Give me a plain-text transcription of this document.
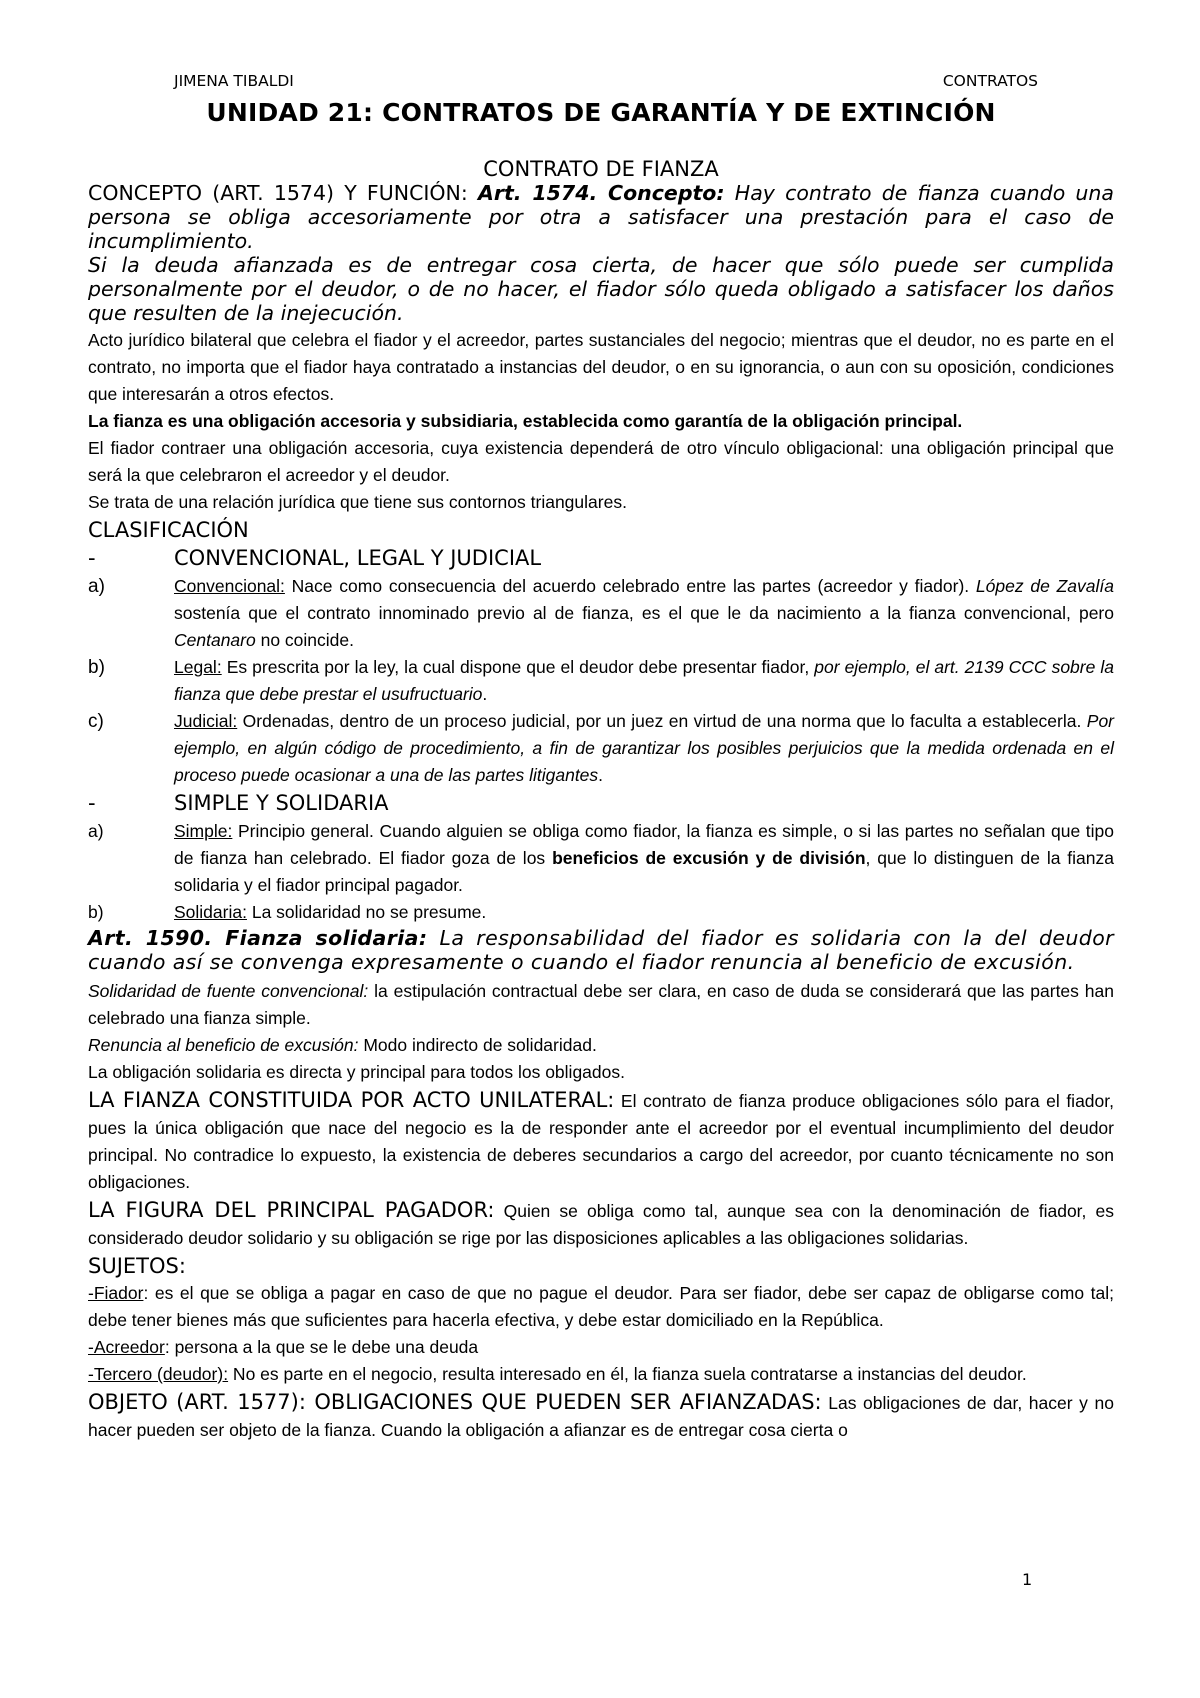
JIMENA TIBALDI	CONTRATOS
UNIDAD 21: CONTRATOS DE GARANTÍA Y DE EXTINCIÓN
CONTRATO DE FIANZA

CONCEPTO (ART. 1574) Y FUNCIÓN: Art. 1574. Concepto: Hay contrato de fianza cuando una persona se obliga accesoriamente por otra a satisfacer una prestación para el caso de incumplimiento.

Si la deuda afianzada es de entregar cosa cierta, de hacer que sólo puede ser cumplida personalmente por el deudor, o de no hacer, el fiador sólo queda obligado a satisfacer los daños que resulten de la inejecución.

Acto jurídico bilateral que celebra el fiador y el acreedor, partes sustanciales del negocio; mientras que el deudor, no es parte en el contrato, no importa que el fiador haya contratado a instancias del deudor, o en su ignorancia, o aun con su oposición, condiciones que interesarán a otros efectos.

La fianza es una obligación accesoria y subsidiaria, establecida como garantía de la obligación principal.

El fiador contraer una obligación accesoria, cuya existencia dependerá de otro vínculo obligacional: una obligación principal que será la que celebraron el acreedor y el deudor.

Se trata de una relación jurídica que tiene sus contornos triangulares.

CLASIFICACIÓN
-	CONVENCIONAL, LEGAL Y JUDICIAL
a)	Convencional: Nace como consecuencia del acuerdo celebrado entre las partes (acreedor y fiador). López de Zavalía sostenía que el contrato innominado previo al de fianza, es el que le da nacimiento a la fianza convencional, pero Centanaro no coincide.
b)	Legal: Es prescrita por la ley, la cual dispone que el deudor debe presentar fiador, por ejemplo, el art. 2139 CCC sobre la fianza que debe prestar el usufructuario.
c)	Judicial: Ordenadas, dentro de un proceso judicial, por un juez en virtud de una norma que lo faculta a establecerla. Por ejemplo, en algún código de procedimiento, a fin de garantizar los posibles perjuicios que la medida ordenada en el proceso puede ocasionar a una de las partes litigantes.
-	SIMPLE Y SOLIDARIA
a)	Simple: Principio general. Cuando alguien se obliga como fiador, la fianza es simple, o si las partes no señalan que tipo de fianza han celebrado. El fiador goza de los beneficios de excusión y de división, que lo distinguen de la fianza solidaria y el fiador principal pagador.
b)	Solidaria: La solidaridad no se presume.

Art. 1590. Fianza solidaria: La responsabilidad del fiador es solidaria con la del deudor cuando así se convenga expresamente o cuando el fiador renuncia al beneficio de excusión.

Solidaridad de fuente convencional: la estipulación contractual debe ser clara, en caso de duda se considerará que las partes han celebrado una fianza simple.

Renuncia al beneficio de excusión: Modo indirecto de solidaridad.

La obligación solidaria es directa y principal para todos los obligados.

LA FIANZA CONSTITUIDA POR ACTO UNILATERAL: El contrato de fianza produce obligaciones sólo para el fiador, pues la única obligación que nace del negocio es la de responder ante el acreedor por el eventual incumplimiento del deudor principal. No contradice lo expuesto, la existencia de deberes secundarios a cargo del acreedor, por cuanto técnicamente no son obligaciones.

LA FIGURA DEL PRINCIPAL PAGADOR: Quien se obliga como tal, aunque sea con la denominación de fiador, es considerado deudor solidario y su obligación se rige por las disposiciones aplicables a las obligaciones solidarias.

SUJETOS:

-Fiador: es el que se obliga a pagar en caso de que no pague el deudor. Para ser fiador, debe ser capaz de obligarse como tal; debe tener bienes más que suficientes para hacerla efectiva, y debe estar domiciliado en la República.

-Acreedor: persona a la que se le debe una deuda

-Tercero (deudor): No es parte en el negocio, resulta interesado en él, la fianza suela contratarse a instancias del deudor.

OBJETO (ART. 1577): OBLIGACIONES QUE PUEDEN SER AFIANZADAS: Las obligaciones de dar, hacer y no hacer pueden ser objeto de la fianza. Cuando la obligación a afianzar es de entregar cosa cierta o

1
